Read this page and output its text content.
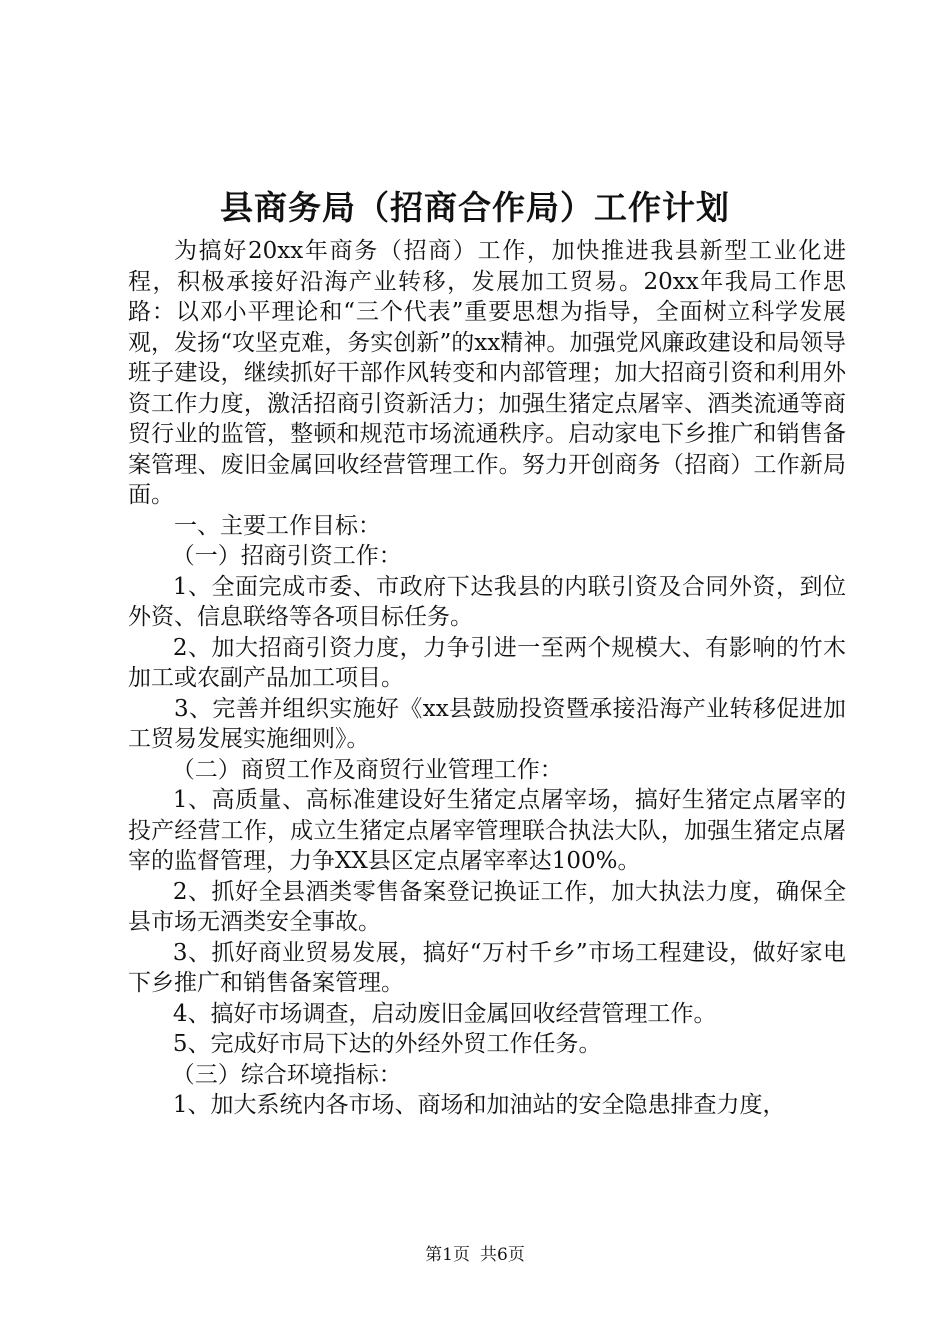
县商务局（招商合作局）工作计划

为搞好20xx年商务（招商）工作，加快推进我县新型工业化进程，积极承接好沿海产业转移，发展加工贸易。20xx年我局工作思路：以邓小平理论和“三个代表”重要思想为指导，全面树立科学发展观，发扬“攻坚克难，务实创新”的xx精神。加强党风廉政建设和局领导班子建设，继续抓好干部作风转变和内部管理；加大招商引资和利用外资工作力度，激活招商引资新活力；加强生猪定点屠宰、酒类流通等商贸行业的监管，整顿和规范市场流通秩序。启动家电下乡推广和销售备案管理、废旧金属回收经营管理工作。努力开创商务（招商）工作新局面。

一、主要工作目标：

（一）招商引资工作：

1、全面完成市委、市政府下达我县的内联引资及合同外资，到位外资、信息联络等各项目标任务。

2、加大招商引资力度，力争引进一至两个规模大、有影响的竹木加工或农副产品加工项目。

3、完善并组织实施好《xx县鼓励投资暨承接沿海产业转移促进加工贸易发展实施细则》。

（二）商贸工作及商贸行业管理工作：

1、高质量、高标准建设好生猪定点屠宰场，搞好生猪定点屠宰的投产经营工作，成立生猪定点屠宰管理联合执法大队，加强生猪定点屠宰的监督管理，力争XX县区定点屠宰率达100%。

2、抓好全县酒类零售备案登记换证工作，加大执法力度，确保全县市场无酒类安全事故。

3、抓好商业贸易发展，搞好“万村千乡”市场工程建设，做好家电下乡推广和销售备案管理。

4、搞好市场调查，启动废旧金属回收经营管理工作。

5、完成好市局下达的外经外贸工作任务。

（三）综合环境指标：

1、加大系统内各市场、商场和加油站的安全隐患排查力度，

第1页 共6页
